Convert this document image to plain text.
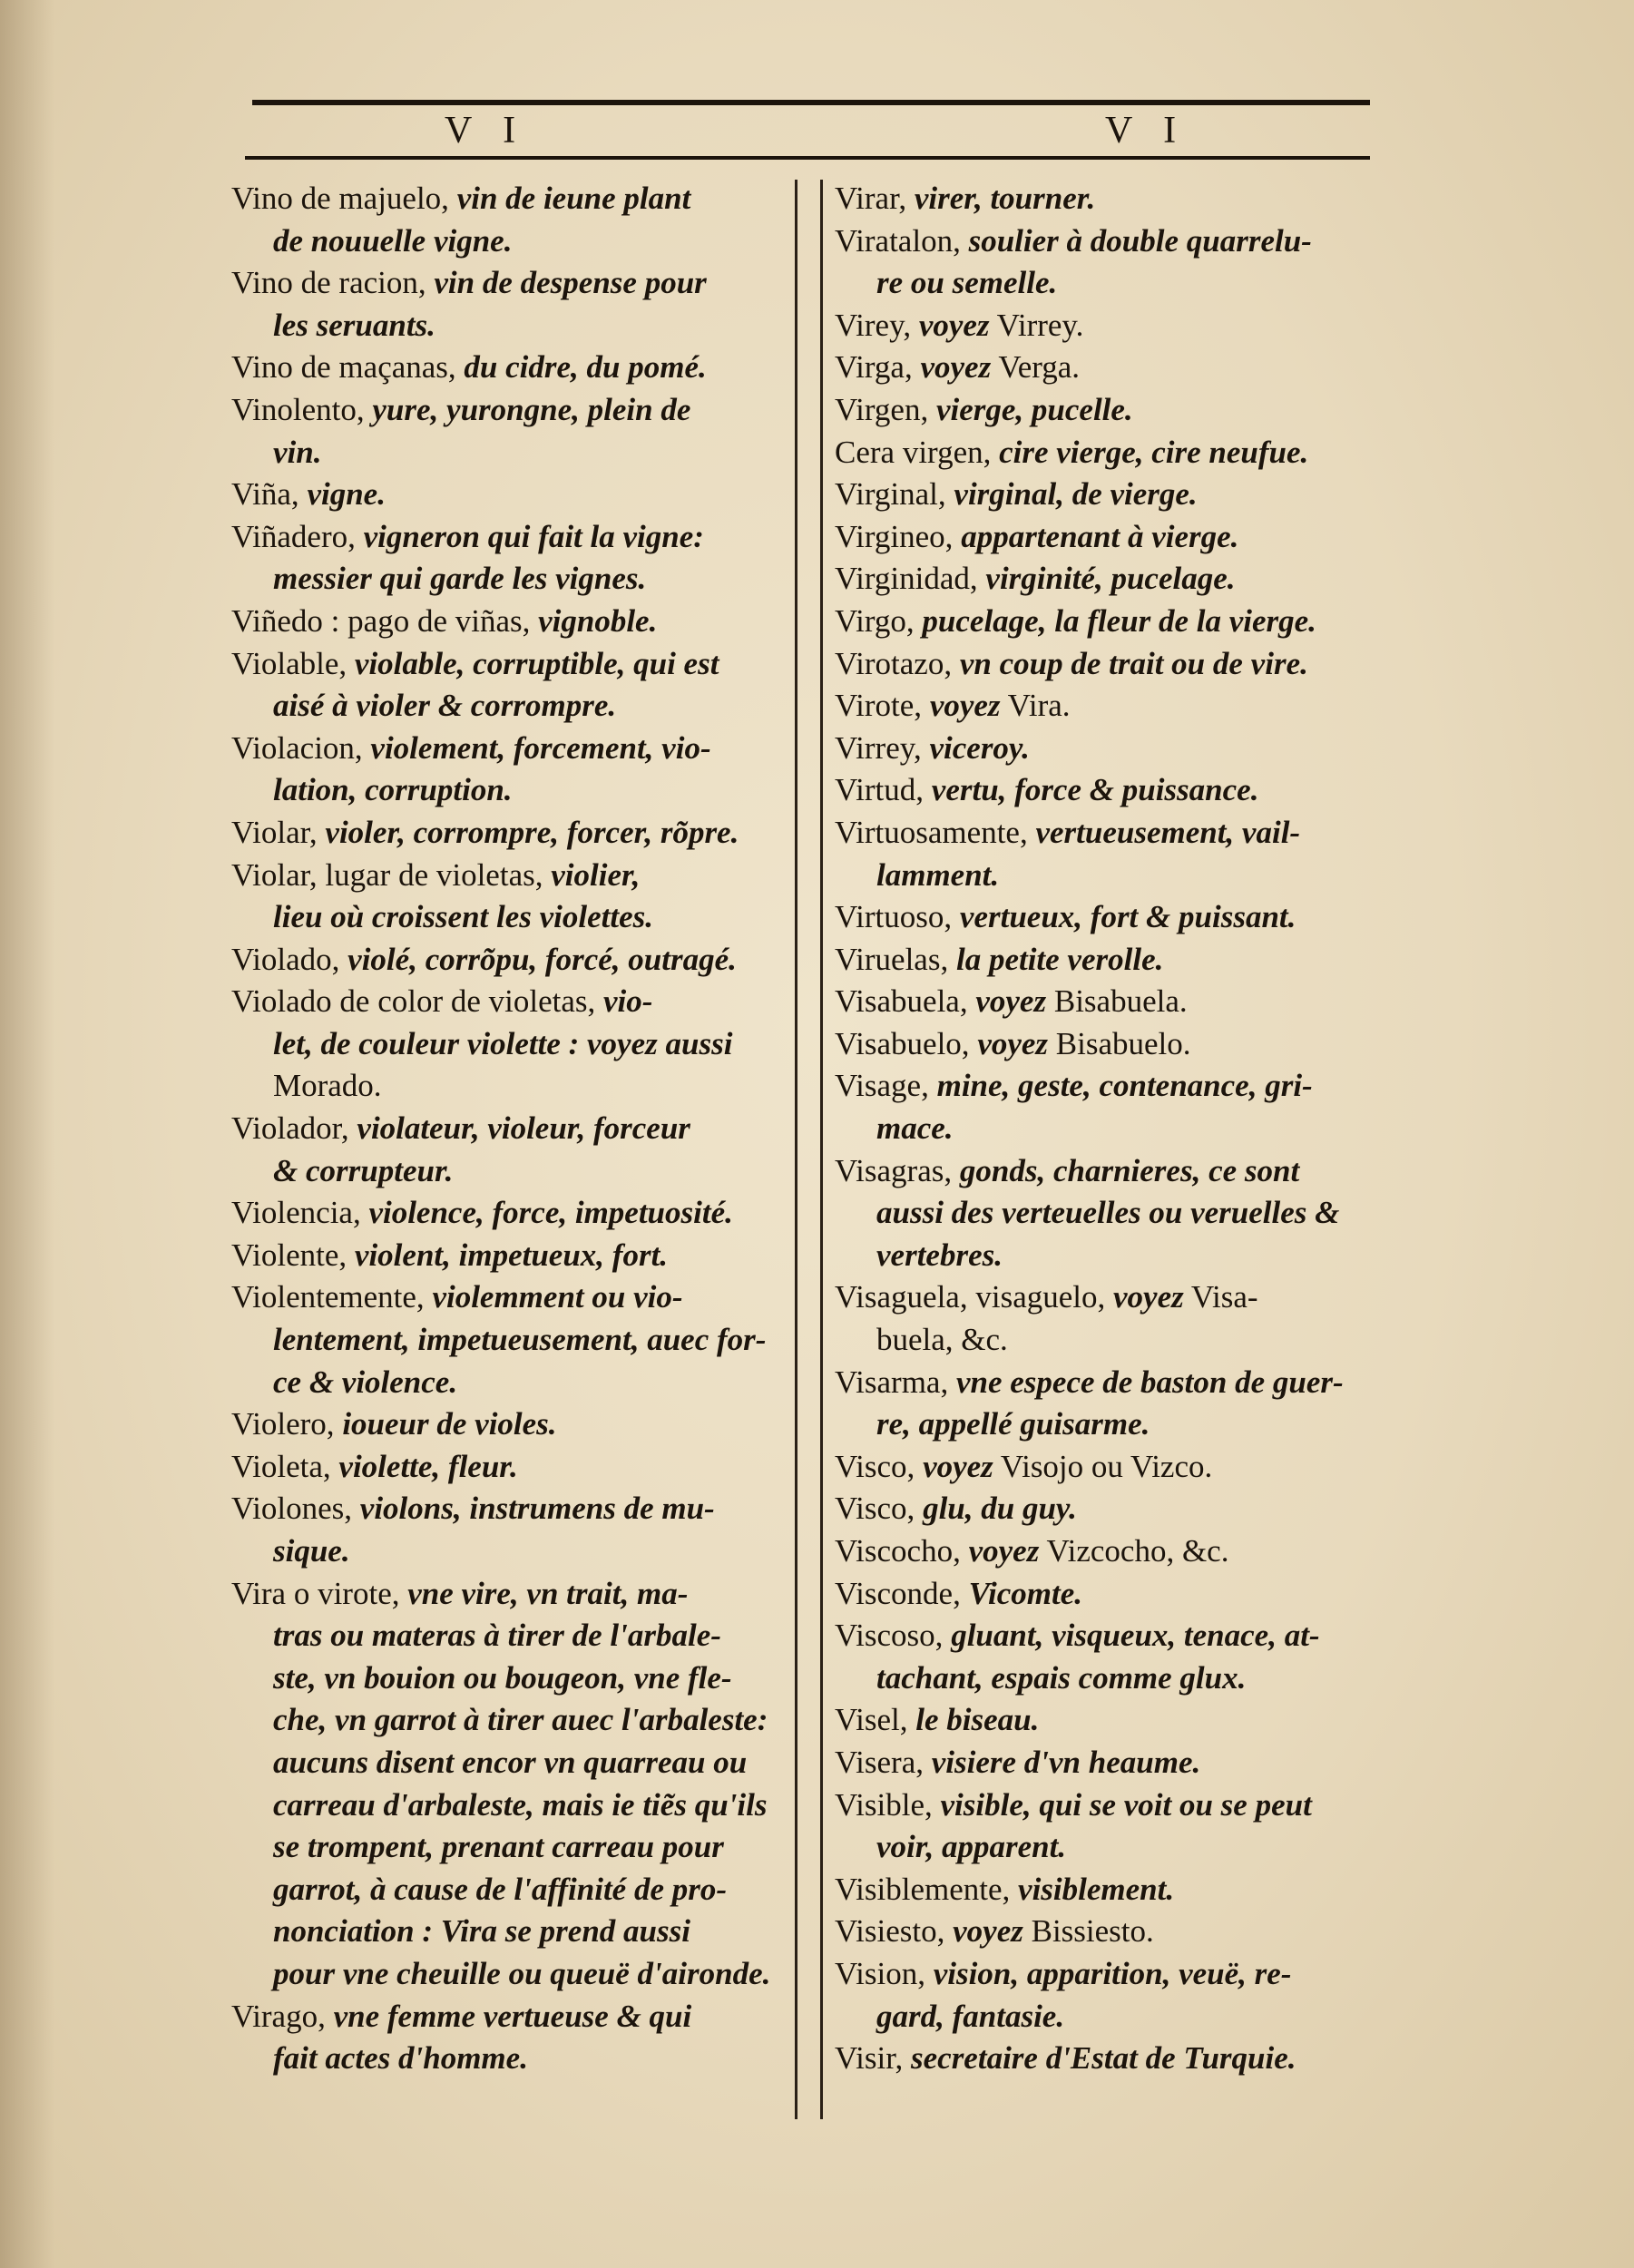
V I	V I
Vino de majuelo, vin de ieune plant
de nouuelle vigne.
Vino de racion, vin de despense pour
les seruants.
Vino de maçanas, du cidre, du pomé.
Vinolento, yure, yurongne, plein de
vin.
Viña, vigne.
Viñadero, vigneron qui fait la vigne:
messier qui garde les vignes.
Viñedo : pago de viñas, vignoble.
Violable, violable, corruptible, qui est
aisé à violer & corrompre.
Violacion, violement, forcement, vio-
lation, corruption.
Violar, violer, corrompre, forcer, rõpre.
Violar, lugar de violetas, violier,
lieu où croissent les violettes.
Violado, violé, corrõpu, forcé, outragé.
Violado de color de violetas, vio-
let, de couleur violette : voyez aussi
Morado.
Violador, violateur, violeur, forceur
& corrupteur.
Violencia, violence, force, impetuosité.
Violente, violent, impetueux, fort.
Violentemente, violemment ou vio-
lentement, impetueusement, auec for-
ce & violence.
Violero, ioueur de violes.
Violeta, violette, fleur.
Violones, violons, instrumens de mu-
sique.
Vira o virote, vne vire, vn trait, ma-
tras ou materas à tirer de l'arbale-
ste, vn bouion ou bougeon, vne fle-
che, vn garrot à tirer auec l'arbaleste:
aucuns disent encor vn quarreau ou
carreau d'arbaleste, mais ie tiẽs qu'ils
se trompent, prenant carreau pour
garrot, à cause de l'affinité de pro-
nonciation : Vira se prend aussi
pour vne cheuille ou queuë d'aironde.
Virago, vne femme vertueuse & qui
fait actes d'homme.
Virar, virer, tourner.
Viratalon, soulier à double quarrelu-
re ou semelle.
Virey, voyez Virrey.
Virga, voyez Verga.
Virgen, vierge, pucelle.
Cera virgen, cire vierge, cire neufue.
Virginal, virginal, de vierge.
Virgineo, appartenant à vierge.
Virginidad, virginité, pucelage.
Virgo, pucelage, la fleur de la vierge.
Virotazo, vn coup de trait ou de vire.
Virote, voyez Vira.
Virrey, viceroy.
Virtud, vertu, force & puissance.
Virtuosamente, vertueusement, vail-
lamment.
Virtuoso, vertueux, fort & puissant.
Viruelas, la petite verolle.
Visabuela, voyez Bisabuela.
Visabuelo, voyez Bisabuelo.
Visage, mine, geste, contenance, gri-
mace.
Visagras, gonds, charnieres, ce sont
aussi des verteuelles ou veruelles &
vertebres.
Visaguela, visaguelo, voyez Visa-
buela, &c.
Visarma, vne espece de baston de guer-
re, appellé guisarme.
Visco, voyez Visojo ou Vizco.
Visco, glu, du guy.
Viscocho, voyez Vizcocho, &c.
Visconde, Vicomte.
Viscoso, gluant, visqueux, tenace, at-
tachant, espais comme glux.
Visel, le biseau.
Visera, visiere d'vn heaume.
Visible, visible, qui se voit ou se peut
voir, apparent.
Visiblemente, visiblement.
Visiesto, voyez Bissiesto.
Vision, vision, apparition, veuë, re-
gard, fantasie.
Visir, secretaire d'Estat de Turquie.
